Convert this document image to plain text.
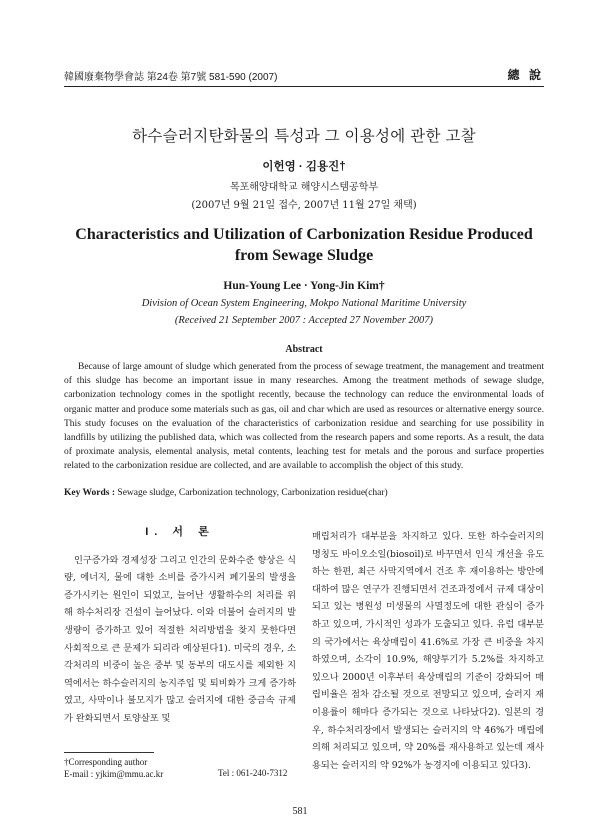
韓國廢棄物學會誌 第24卷 第7號 581-590 (2007)	總 說
하수슬러지탄화물의 특성과 그 이용성에 관한 고찰
이헌영 · 김용진†
목포해양대학교 해양시스템공학부
(2007년 9월 21일 접수, 2007년 11월 27일 채택)
Characteristics and Utilization of Carbonization Residue Produced
from Sewage Sludge
Hun-Young Lee · Yong-Jin Kim†
Division of Ocean System Engineering, Mokpo National Maritime University
(Received 21 September 2007 : Accepted 27 November 2007)
Abstract

Because of large amount of sludge which generated from the process of sewage treatment, the management and treatment of this sludge has become an important issue in many researches. Among the treatment methods of sewage sludge, carbonization technology comes in the spotlight recently, because the technology can reduce the environmental loads of organic matter and produce some materials such as gas, oil and char which are used as resources or alternative energy source. This study focuses on the evaluation of the characteristics of carbonization residue and searching for use possibility in landfills by utilizing the published data, which was collected from the research papers and some reports. As a result, the data of proximate analysis, elemental analysis, metal contents, leaching test for metals and the porous and surface properties related to the carbonization residue are collected, and are available to accomplish the object of this study.

Key Words : Sewage sludge, Carbonization technology, Carbonization residue(char)
I. 서 론

인구증가와 경제성장 그리고 인간의 문화수준 향상은 식량, 에너지, 물에 대한 소비를 증가시켜 폐기물의 발생을 증가시키는 원인이 되었고, 늘어난 생활하수의 처리를 위해 하수처리장 건설이 늘어났다. 이와 더불어 슬러지의 발생량이 증가하고 있어 적절한 처리방법을 찾지 못한다면 사회적으로 큰 문제가 되리라 예상된다1). 미국의 경우, 소각처리의 비중이 높은 중부 및 동부의 대도시를 제외한 지역에서는 하수슬러지의 농지주입 및 퇴비화가 크게 증가하였고, 사막이나 불모지가 많고 슬러지에 대한 중금속 규제가 완화되면서 토양살포 및

매립처리가 대부분을 차지하고 있다. 또한 하수슬러지의 명칭도 바이오소일(biosoil)로 바꾸면서 인식 개선을 유도하는 한편, 최근 사막지역에서 건조 후 재이용하는 방안에 대하여 많은 연구가 진행되면서 건조과정에서 규제 대상이 되고 있는 병원성 미생물의 사멸정도에 대한 관심이 증가하고 있으며, 가시적인 성과가 도출되고 있다. 유럽 대부분의 국가에서는 육상매립이 41.6%로 가장 큰 비중을 차지하였으며, 소각이 10.9%, 해양투기가 5.2%를 차지하고 있으나 2000년 이후부터 육상매립의 기준이 강화되어 매립비율은 점차 감소될 것으로 전망되고 있으며, 슬러지 재이용률이 해마다 증가되는 것으로 나타났다2). 일본의 경우, 하수처리장에서 발생되는 슬러지의 약 46%가 매립에 의해 처리되고 있으며, 약 20%를 재사용하고 있는데 재사용되는 슬러지의 약 92%가 농경지에 이용되고 있다3).

†Corresponding author
E-mail : yjkim@mmu.ac.kr	Tel : 061-240-7312
581
